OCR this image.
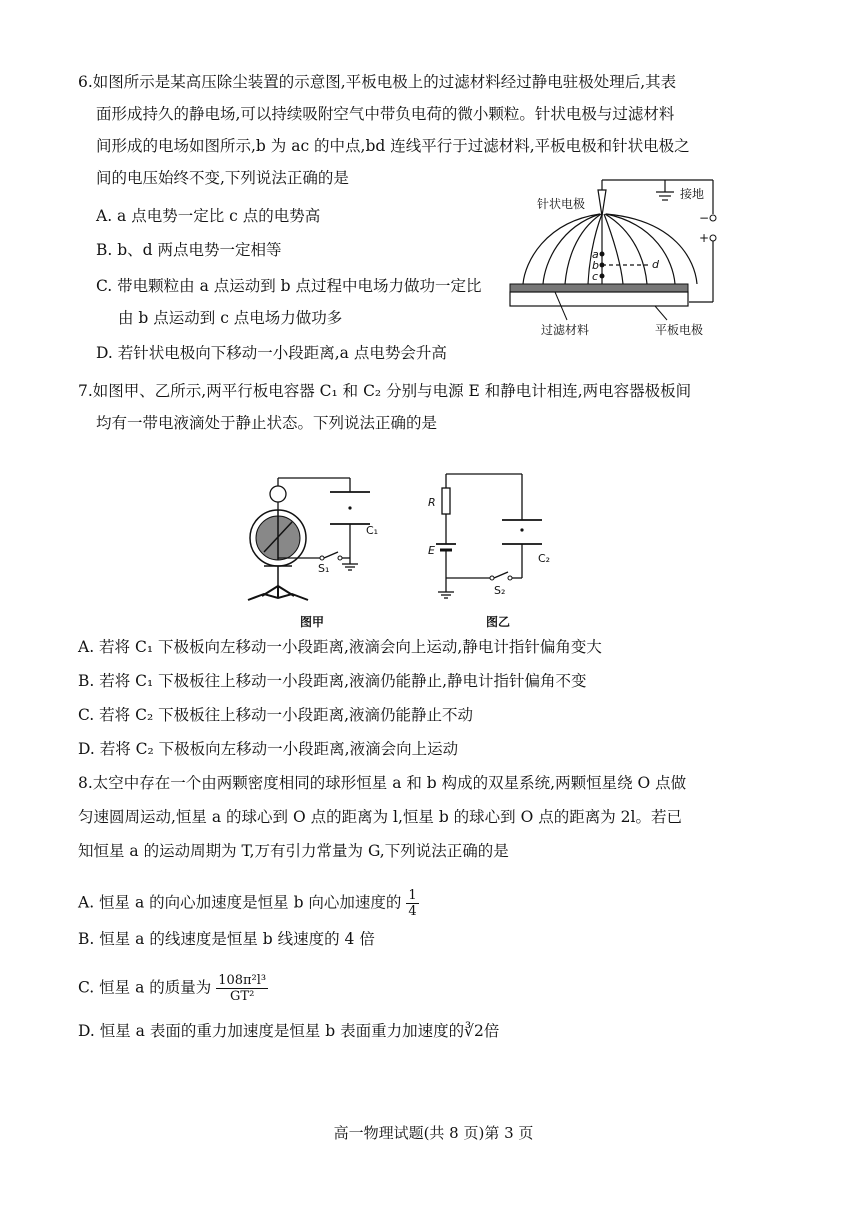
6.如图所示是某高压除尘装置的示意图,平板电极上的过滤材料经过静电驻极处理后,其表
面形成持久的静电场,可以持续吸附空气中带负电荷的微小颗粒。针状电极与过滤材料
间形成的电场如图所示,b 为 ac 的中点,bd 连线平行于过滤材料,平板电极和针状电极之
间的电压始终不变,下列说法正确的是
A. a 点电势一定比 c 点的电势高
B. b、d 两点电势一定相等
C. 带电颗粒由 a 点运动到 b 点过程中电场力做功一定比
由 b 点运动到 c 点电场力做功多
D. 若针状电极向下移动一小段距离,a 点电势会升高
a
b
c
d
−
+
接地
针状电极
过滤材料	平板电极
7.如图甲、乙所示,两平行板电容器 C₁ 和 C₂ 分别与电源 E 和静电计相连,两电容器极板间
均有一带电液滴处于静止状态。下列说法正确的是
C₁
S₁
图甲
R
C₂
E
S₂
图乙
A. 若将 C₁ 下极板向左移动一小段距离,液滴会向上运动,静电计指针偏角变大
B. 若将 C₁ 下极板往上移动一小段距离,液滴仍能静止,静电计指针偏角不变
C. 若将 C₂ 下极板往上移动一小段距离,液滴仍能静止不动
D. 若将 C₂ 下极板向左移动一小段距离,液滴会向上运动
8.太空中存在一个由两颗密度相同的球形恒星 a 和 b 构成的双星系统,两颗恒星绕 O 点做
匀速圆周运动,恒星 a 的球心到 O 点的距离为 l,恒星 b 的球心到 O 点的距离为 2l。若已
知恒星 a 的运动周期为 T,万有引力常量为 G,下列说法正确的是
A. 恒星 a 的向心加速度是恒星 b 向心加速度的 $\frac{1}{4}$
B. 恒星 a 的线速度是恒星 b 线速度的 4 倍
C. 恒星 a 的质量为 $\frac{\text{108π²l³}}{\text{GT²}}$
D. 恒星 a 表面的重力加速度是恒星 b 表面重力加速度的∛2倍
高一物理试题(共 8 页)第 3 页
